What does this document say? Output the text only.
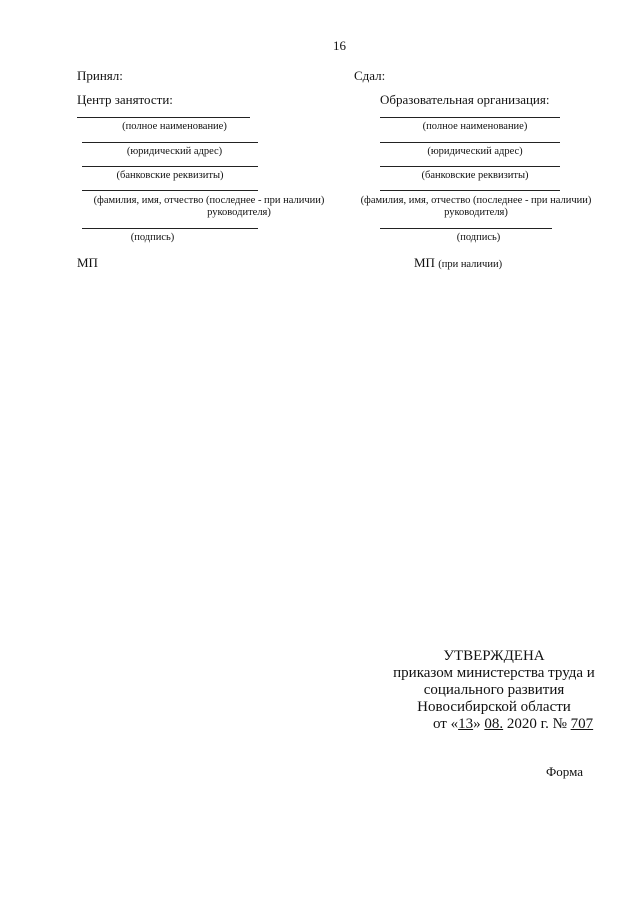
16
Принял:
Центр занятости:
(полное наименование)
(юридический адрес)
(банковские реквизиты)
(фамилия, имя, отчество (последнее - при наличии)
руководителя)
(подпись)
МП
Сдал:
Образовательная организация:
(полное наименование)
(юридический адрес)
(банковские реквизиты)
(фамилия, имя, отчество (последнее - при наличии)
руководителя)
(подпись)
МП (при наличии)
УТВЕРЖДЕНА
приказом министерства труда и
социального развития
Новосибирской области
от «13» 08. 2020 г. № 707
Форма
